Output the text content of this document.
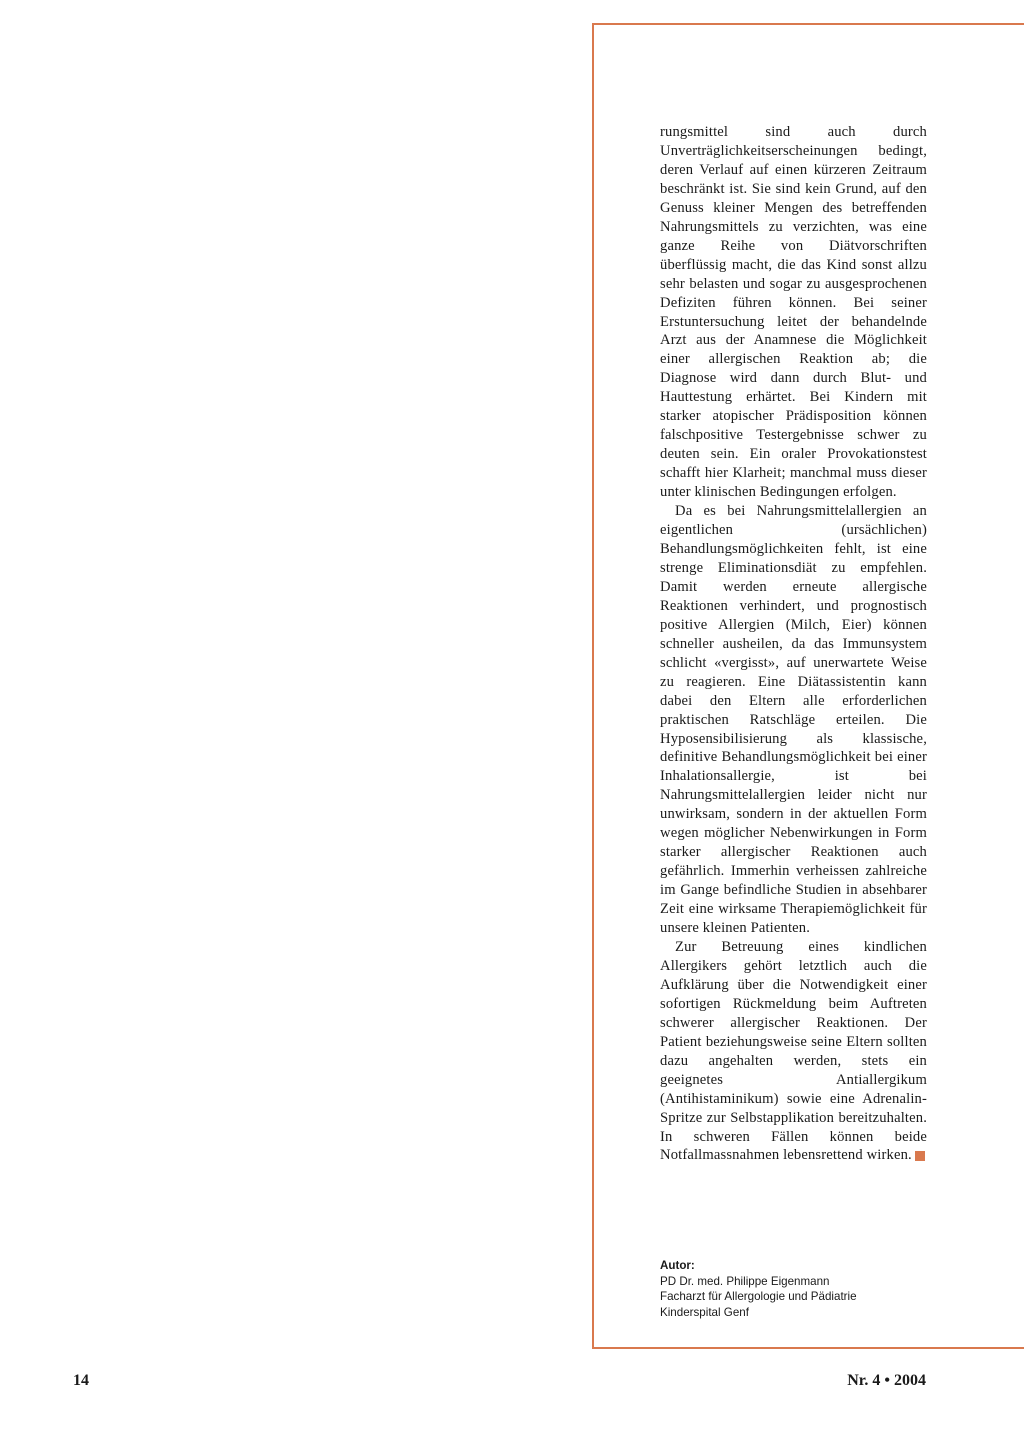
rungsmittel sind auch durch Unverträglichkeitserscheinungen bedingt, deren Verlauf auf einen kürzeren Zeitraum beschränkt ist. Sie sind kein Grund, auf den Genuss kleiner Mengen des betreffenden Nahrungsmittels zu verzichten, was eine ganze Reihe von Diätvorschriften überflüssig macht, die das Kind sonst allzu sehr belasten und sogar zu ausgesprochenen Defiziten führen können. Bei seiner Erstuntersuchung leitet der behandelnde Arzt aus der Anamnese die Möglichkeit einer allergischen Reaktion ab; die Diagnose wird dann durch Blut- und Hauttestung erhärtet. Bei Kindern mit starker atopischer Prädisposition können falschpositive Testergebnisse schwer zu deuten sein. Ein oraler Provokationstest schafft hier Klarheit; manchmal muss dieser unter klinischen Bedingungen erfolgen.

Da es bei Nahrungsmittelallergien an eigentlichen (ursächlichen) Behandlungsmöglichkeiten fehlt, ist eine strenge Eliminationsdiät zu empfehlen. Damit werden erneute allergische Reaktionen verhindert, und prognostisch positive Allergien (Milch, Eier) können schneller ausheilen, da das Immunsystem schlicht «vergisst», auf unerwartete Weise zu reagieren. Eine Diätassistentin kann dabei den Eltern alle erforderlichen praktischen Ratschläge erteilen. Die Hyposensibilisierung als klassische, definitive Behandlungsmöglichkeit bei einer Inhalationsallergie, ist bei Nahrungsmittelallergien leider nicht nur unwirksam, sondern in der aktuellen Form wegen möglicher Nebenwirkungen in Form starker allergischer Reaktionen auch gefährlich. Immerhin verheissen zahlreiche im Gange befindliche Studien in absehbarer Zeit eine wirksame Therapiemöglichkeit für unsere kleinen Patienten.

Zur Betreuung eines kindlichen Allergikers gehört letztlich auch die Aufklärung über die Notwendigkeit einer sofortigen Rückmeldung beim Auftreten schwerer allergischer Reaktionen. Der Patient beziehungsweise seine Eltern sollten dazu angehalten werden, stets ein geeignetes Antiallergikum (Antihistaminikum) sowie eine Adrenalin-Spritze zur Selbstapplikation bereitzuhalten. In schweren Fällen können beide Notfallmassnahmen lebensrettend wirken.

Autor:
PD Dr. med. Philippe Eigenmann
Facharzt für Allergologie und Pädiatrie
Kinderspital Genf
14	Nr. 4 • 2004
